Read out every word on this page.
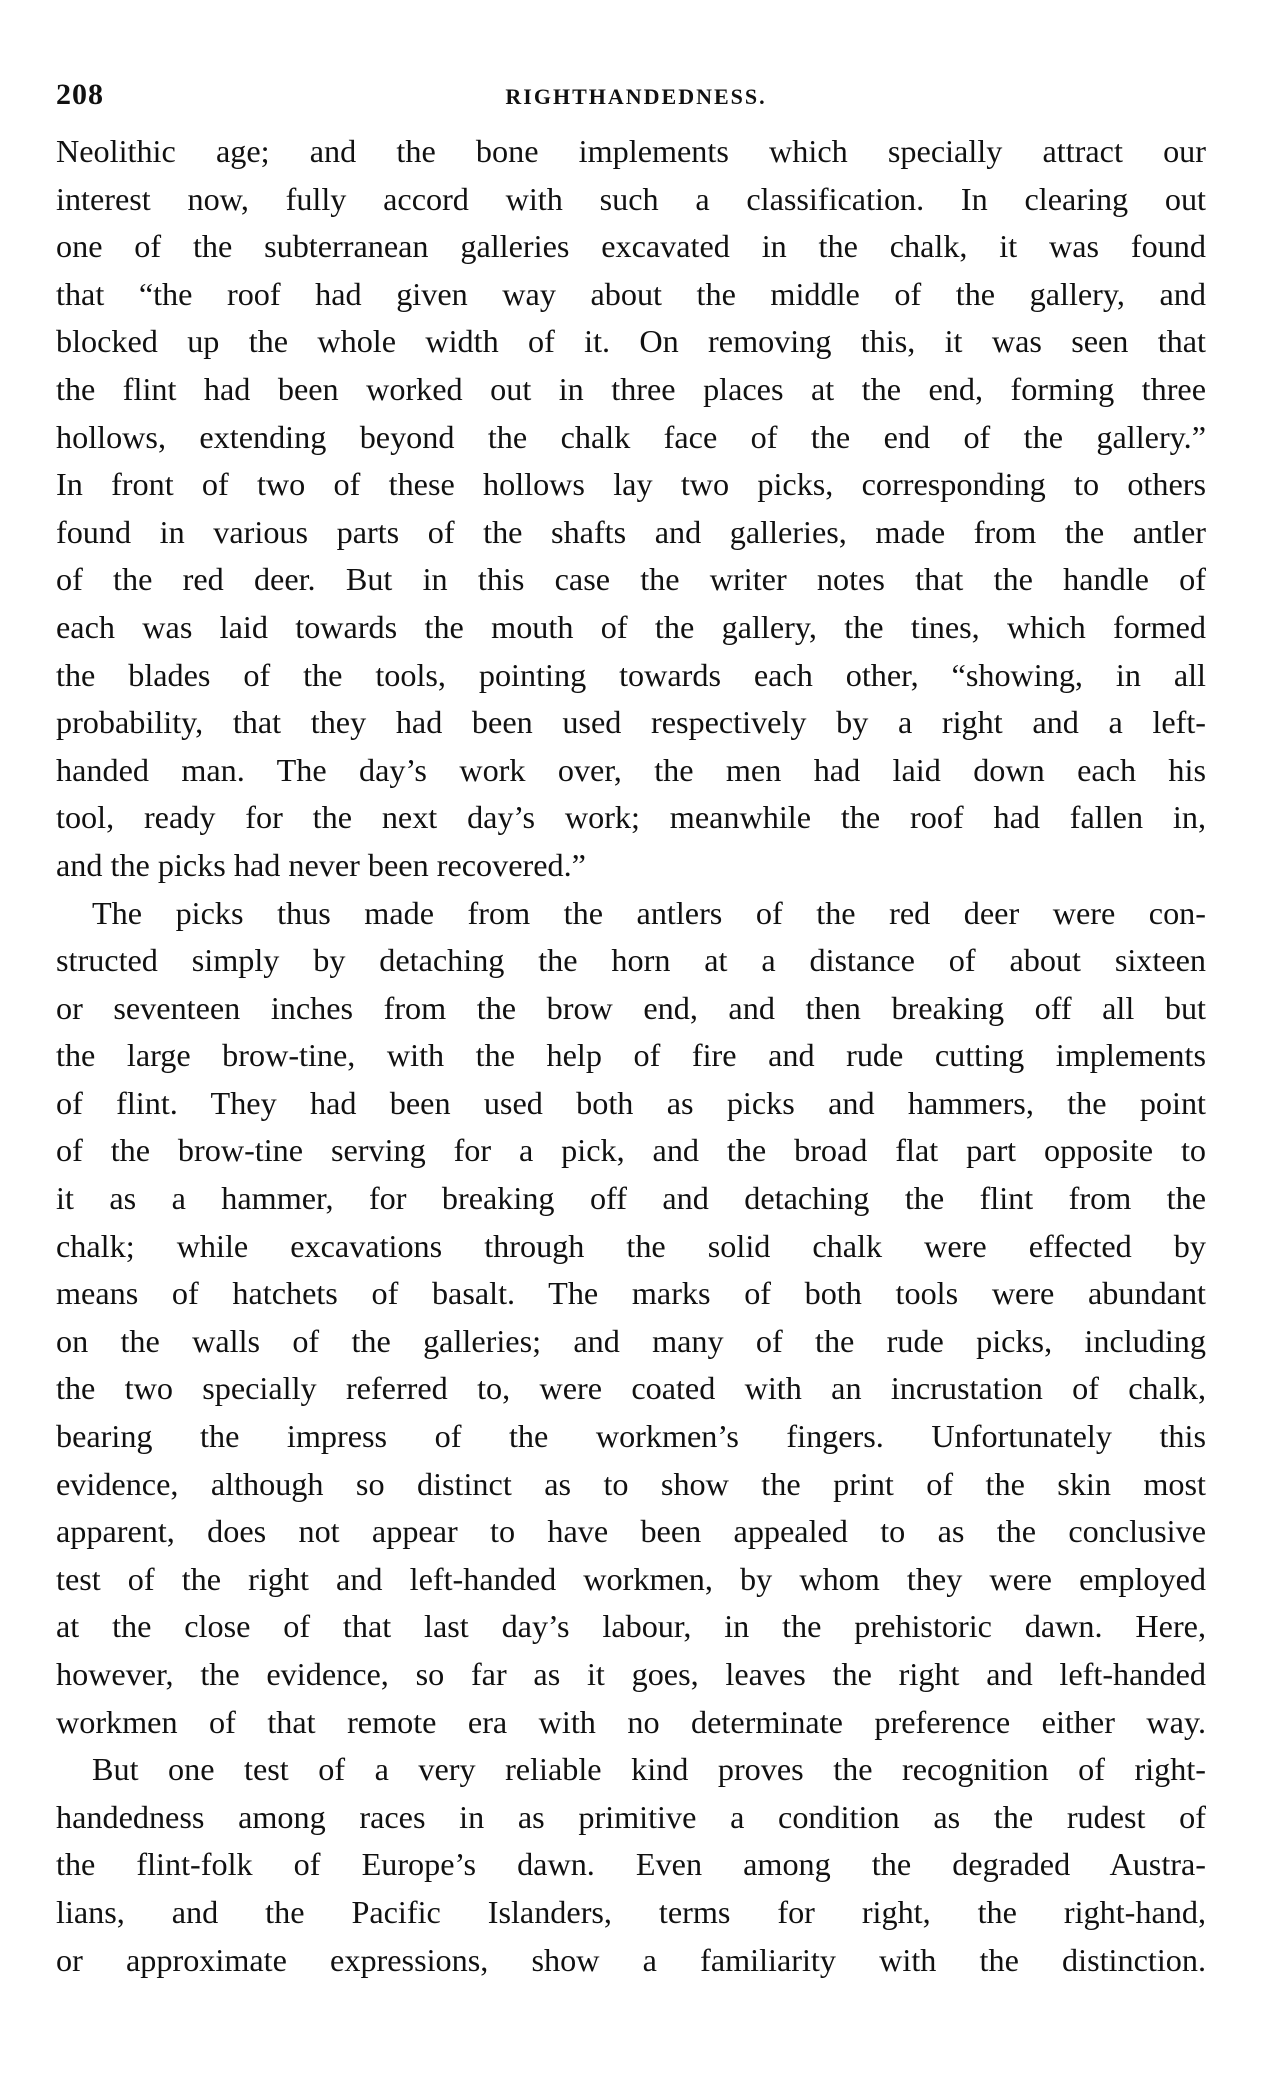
208	RIGHTHANDEDNESS.
Neolithic age; and the bone implements which specially attract our
interest now, fully accord with such a classification. In clearing out
one of the subterranean galleries excavated in the chalk, it was found
that “the roof had given way about the middle of the gallery, and
blocked up the whole width of it. On removing this, it was seen that
the flint had been worked out in three places at the end, forming three
hollows, extending beyond the chalk face of the end of the gallery.”
In front of two of these hollows lay two picks, corresponding to others
found in various parts of the shafts and galleries, made from the antler
of the red deer. But in this case the writer notes that the handle of
each was laid towards the mouth of the gallery, the tines, which formed
the blades of the tools, pointing towards each other, “showing, in all
probability, that they had been used respectively by a right and a left-
handed man. The day’s work over, the men had laid down each his
tool, ready for the next day’s work; meanwhile the roof had fallen in,
and the picks had never been recovered.”
The picks thus made from the antlers of the red deer were con-
structed simply by detaching the horn at a distance of about sixteen
or seventeen inches from the brow end, and then breaking off all but
the large brow-tine, with the help of fire and rude cutting implements
of flint. They had been used both as picks and hammers, the point
of the brow-tine serving for a pick, and the broad flat part opposite to
it as a hammer, for breaking off and detaching the flint from the
chalk; while excavations through the solid chalk were effected by
means of hatchets of basalt. The marks of both tools were abundant
on the walls of the galleries; and many of the rude picks, including
the two specially referred to, were coated with an incrustation of chalk,
bearing the impress of the workmen’s fingers. Unfortunately this
evidence, although so distinct as to show the print of the skin most
apparent, does not appear to have been appealed to as the conclusive
test of the right and left-handed workmen, by whom they were employed
at the close of that last day’s labour, in the prehistoric dawn. Here,
however, the evidence, so far as it goes, leaves the right and left-handed
workmen of that remote era with no determinate preference either way.
But one test of a very reliable kind proves the recognition of right-
handedness among races in as primitive a condition as the rudest of
the flint-folk of Europe’s dawn. Even among the degraded Austra-
lians, and the Pacific Islanders, terms for right, the right-hand,
or approximate expressions, show a familiarity with the distinction.
